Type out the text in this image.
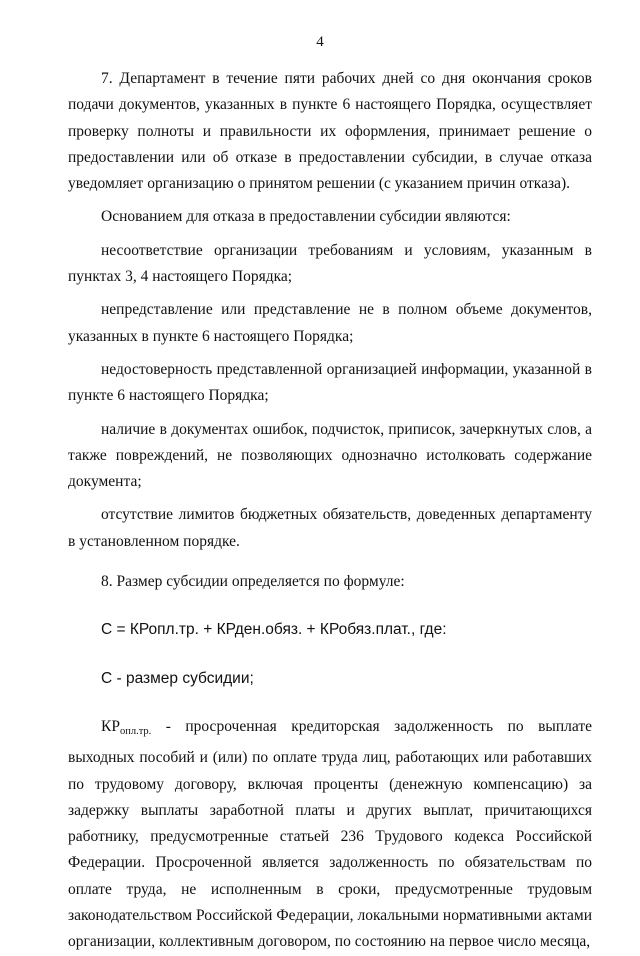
4

7. Департамент в течение пяти рабочих дней со дня окончания сроков подачи документов, указанных в пункте 6 настоящего Порядка, осуществляет проверку полноты и правильности их оформления, принимает решение о предоставлении или об отказе в предоставлении субсидии, в случае отказа уведомляет организацию о принятом решении (с указанием причин отказа).

Основанием для отказа в предоставлении субсидии являются:

несоответствие организации требованиям и условиям, указанным в пунктах 3, 4 настоящего Порядка;

непредставление или представление не в полном объеме документов, указанных в пункте 6 настоящего Порядка;

недостоверность представленной организацией информации, указанной в пункте 6 настоящего Порядка;

наличие в документах ошибок, подчисток, приписок, зачеркнутых слов, а также повреждений, не позволяющих однозначно истолковать содержание документа;

отсутствие лимитов бюджетных обязательств, доведенных департаменту в установленном порядке.

8. Размер субсидии определяется по формуле:

С = КРопл.тр. + КРден.обяз. + КРобяз.плат., где:

С - размер субсидии;

$КР_{опл.тр.}$ - просроченная кредиторская задолженность по выплате выходных пособий и (или) по оплате труда лиц, работающих или работавших по трудовому договору, включая проценты (денежную компенсацию) за задержку выплаты заработной платы и других выплат, причитающихся работнику, предусмотренные статьей 236 Трудового кодекса Российской Федерации. Просроченной является задолженность по обязательствам по оплате труда, не исполненным в сроки, предусмотренные трудовым законодательством Российской Федерации, локальными нормативными актами организации, коллективным договором, по состоянию на первое число месяца,
